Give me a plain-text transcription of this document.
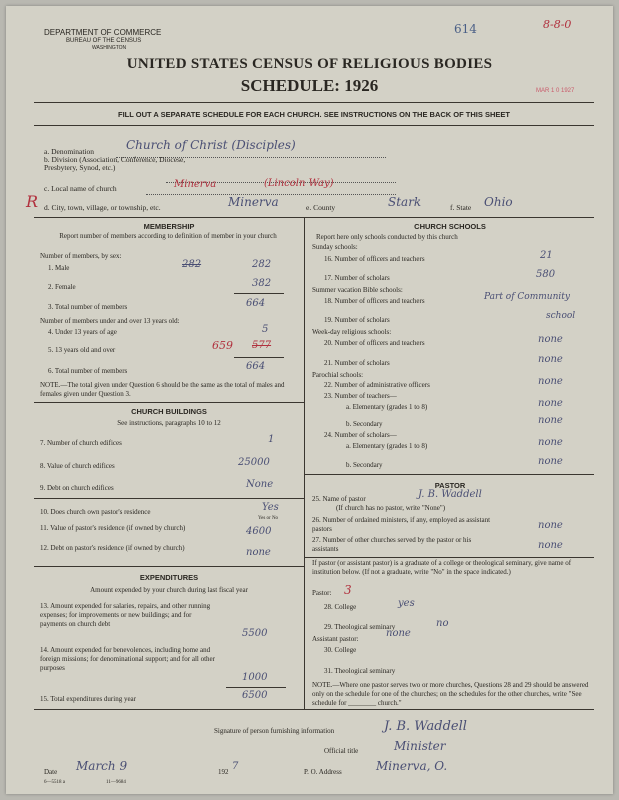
DEPARTMENT OF COMMERCE
BUREAU OF THE CENSUS
WASHINGTON
614	8-8-0
MAR 1 0 1927
UNITED STATES CENSUS OF RELIGIOUS BODIES
SCHEDULE: 1926
FILL OUT A SEPARATE SCHEDULE FOR EACH CHURCH. SEE INSTRUCTIONS ON THE BACK OF THIS SHEET
a. Denomination	Church of Christ (Disciples)
b. Division (Association, Conference, Diocese, Presbytery, Synod, etc.)
c. Local name of church	Minerva	(Lincoln Way)
R d. City, town, village, or township, etc.	Minerva	e. County	Stark	f. State Ohio
MEMBERSHIP
Report number of members according to definition of member in your church
Number of members, by sex:
1. Male	282	282
2. Female	382
3. Total number of members	664
Number of members under and over 13 years old:
4. Under 13 years of age	5
5. 13 years old and over	659 577
6. Total number of members	664
NOTE.—The total given under Question 6 should be the same as the total of males and females given under Question 3.
CHURCH BUILDINGS
See instructions, paragraphs 10 to 12
7. Number of church edifices	1
8. Value of church edifices	25000
9. Debt on church edifices	None
10. Does church own pastor's residence	Yes
Yes or No
11. Value of pastor's residence (if owned by church)	4600
12. Debt on pastor's residence (if owned by church)	none
EXPENDITURES
Amount expended by your church during last fiscal year
13. Amount expended for salaries, repairs, and other running expenses; for improvements or new buildings; and for payments on church debt
5500
14. Amount expended for benevolences, including home and foreign missions; for denominational support; and for all other purposes
1000
15. Total expenditures during year	6500
CHURCH SCHOOLS
Report here only schools conducted by this church
Sunday schools:
16. Number of officers and teachers	21
17. Number of scholars	580
Summer vacation Bible schools:
18. Number of officers and teachers	Part of Community
19. Number of scholars	school
Week-day religious schools:
20. Number of officers and teachers	none
21. Number of scholars	none
Parochial schools:
22. Number of administrative officers	none
23. Number of teachers—
a. Elementary (grades 1 to 8)	none
b. Secondary	none
24. Number of scholars—
a. Elementary (grades 1 to 8)	none
b. Secondary	none
PASTOR
25. Name of pastor	J. B. Waddell
(If church has no pastor, write "None")
26. Number of ordained ministers, if any, employed as assistant pastors	none
27. Number of other churches served by the pastor or his assistants	none
If pastor (or assistant pastor) is a graduate of a college or theological seminary, give name of institution below. (If not a graduate, write "No" in the space indicated.)
Pastor: 3
28. College	yes
29. Theological seminary	no
Assistant pastor:	none
30. College
31. Theological seminary
NOTE.—Where one pastor serves two or more churches, Questions 28 and 29 should be answered only on the schedule for one of the churches; on the schedules for the other churches, write "See schedule for ________ church."
Signature of person furnishing information	J. B. Waddell
Official title	Minister
Date March 9	192 7	P. O. Address	Minerva, O.
6—5518 a	11—9684
